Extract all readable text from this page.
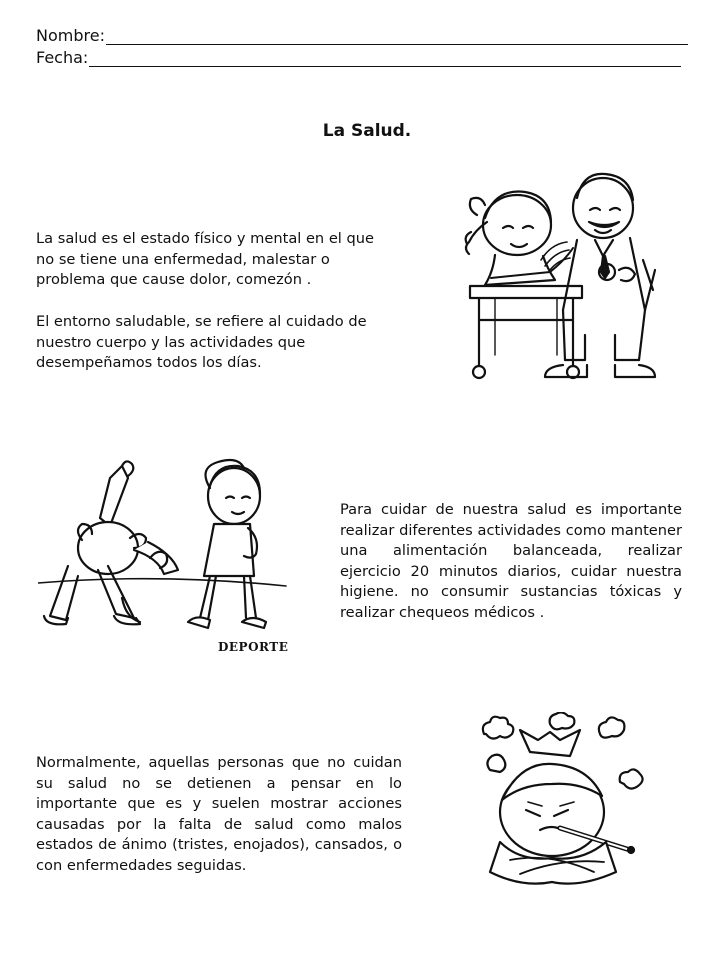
Nombre:
Fecha:
La Salud.

La salud es el estado físico y mental en el que no se tiene una enfermedad, malestar o problema que cause dolor, comezón .

El entorno saludable, se refiere al cuidado de nuestro cuerpo y las actividades que desempeñamos todos los días.

Para cuidar de nuestra salud es importante realizar diferentes actividades como mantener una alimentación balanceada, realizar ejercicio 20 minutos diarios, cuidar nuestra higiene. no consumir sustancias tóxicas y realizar chequeos médicos .

Normalmente, aquellas personas que no cuidan su salud no se detienen a pensar en lo importante que es y suelen mostrar acciones causadas por la falta de salud como malos estados de ánimo (tristes, enojados), cansados, o con enfermedades seguidas.

DEPORTE
